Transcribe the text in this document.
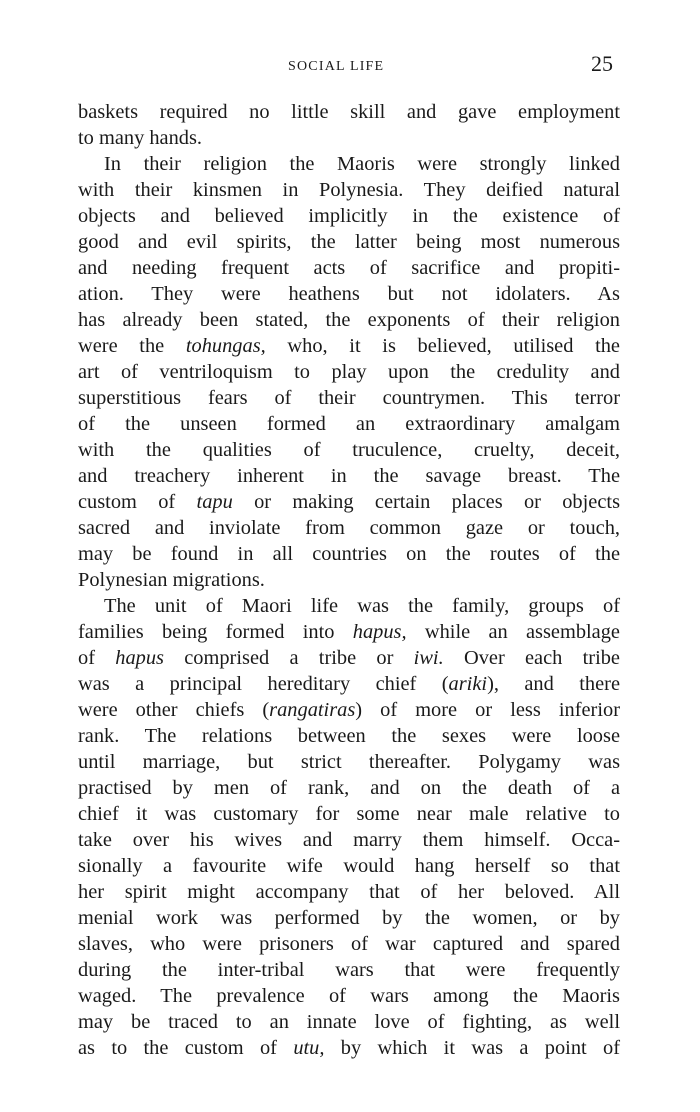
SOCIAL LIFE	25
baskets required no little skill and gave employment
to many hands.
In their religion the Maoris were strongly linked
with their kinsmen in Polynesia. They deified natural
objects and believed implicitly in the existence of
good and evil spirits, the latter being most numerous
and needing frequent acts of sacrifice and propiti-
ation. They were heathens but not idolaters. As
has already been stated, the exponents of their religion
were the tohungas, who, it is believed, utilised the
art of ventriloquism to play upon the credulity and
superstitious fears of their countrymen. This terror
of the unseen formed an extraordinary amalgam
with the qualities of truculence, cruelty, deceit,
and treachery inherent in the savage breast. The
custom of tapu or making certain places or objects
sacred and inviolate from common gaze or touch,
may be found in all countries on the routes of the
Polynesian migrations.
The unit of Maori life was the family, groups of
families being formed into hapus, while an assemblage
of hapus comprised a tribe or iwi. Over each tribe
was a principal hereditary chief (ariki), and there
were other chiefs (rangatiras) of more or less inferior
rank. The relations between the sexes were loose
until marriage, but strict thereafter. Polygamy was
practised by men of rank, and on the death of a
chief it was customary for some near male relative to
take over his wives and marry them himself. Occa-
sionally a favourite wife would hang herself so that
her spirit might accompany that of her beloved. All
menial work was performed by the women, or by
slaves, who were prisoners of war captured and spared
during the inter-tribal wars that were frequently
waged. The prevalence of wars among the Maoris
may be traced to an innate love of fighting, as well
as to the custom of utu, by which it was a point of
